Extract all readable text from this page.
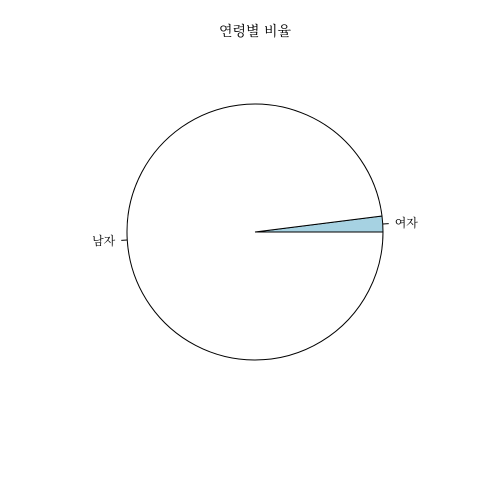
연령별 비율
여자
남자
